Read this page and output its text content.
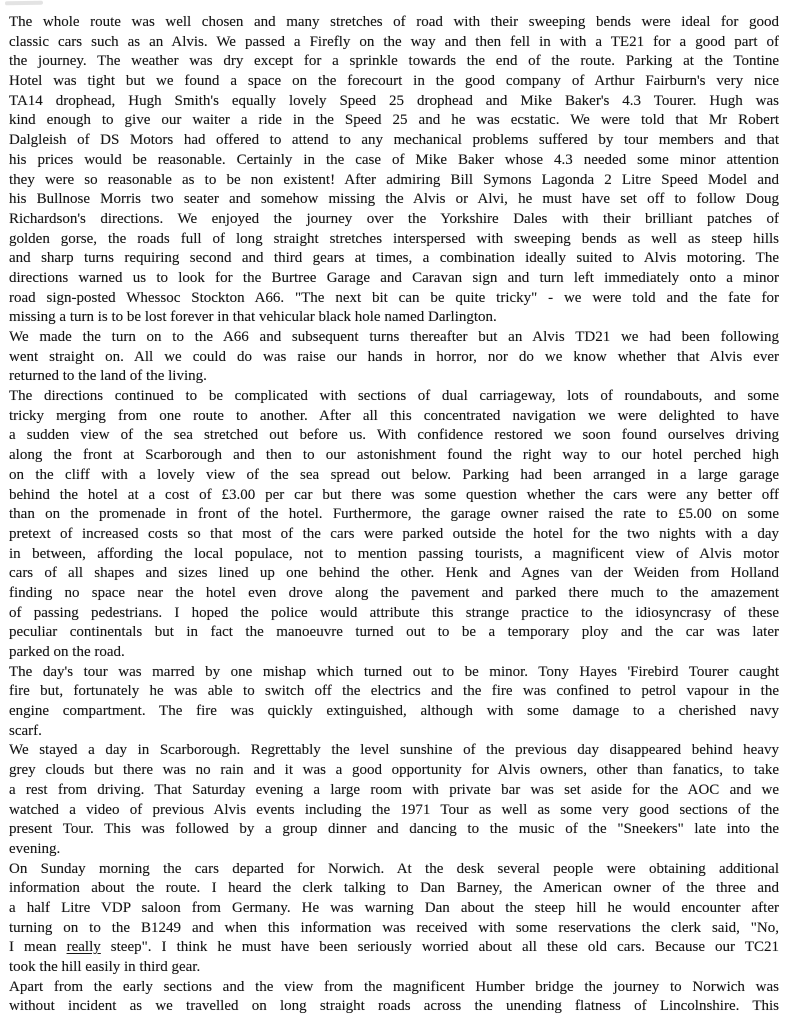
The whole route was well chosen and many stretches of road with their sweeping bends were ideal for good
classic cars such as an Alvis. We passed a Firefly on the way and then fell in with a TE21 for a good part of
the journey. The weather was dry except for a sprinkle towards the end of the route. Parking at the Tontine
Hotel was tight but we found a space on the forecourt in the good company of Arthur Fairburn's very nice
TA14 drophead, Hugh Smith's equally lovely Speed 25 drophead and Mike Baker's 4.3 Tourer. Hugh was
kind enough to give our waiter a ride in the Speed 25 and he was ecstatic. We were told that Mr Robert
Dalgleish of DS Motors had offered to attend to any mechanical problems suffered by tour members and that
his prices would be reasonable. Certainly in the case of Mike Baker whose 4.3 needed some minor attention
they were so reasonable as to be non existent! After admiring Bill Symons Lagonda 2 Litre Speed Model and
his Bullnose Morris two seater and somehow missing the Alvis or Alvi, he must have set off to follow Doug
Richardson's directions. We enjoyed the journey over the Yorkshire Dales with their brilliant patches of
golden gorse, the roads full of long straight stretches interspersed with sweeping bends as well as steep hills
and sharp turns requiring second and third gears at times, a combination ideally suited to Alvis motoring. The
directions warned us to look for the Burtree Garage and Caravan sign and turn left immediately onto a minor
road sign-posted Whessoc Stockton A66. "The next bit can be quite tricky" - we were told and the fate for
missing a turn is to be lost forever in that vehicular black hole named Darlington.
We made the turn on to the A66 and subsequent turns thereafter but an Alvis TD21 we had been following
went straight on. All we could do was raise our hands in horror, nor do we know whether that Alvis ever
returned to the land of the living.
The directions continued to be complicated with sections of dual carriageway, lots of roundabouts, and some
tricky merging from one route to another. After all this concentrated navigation we were delighted to have
a sudden view of the sea stretched out before us. With confidence restored we soon found ourselves driving
along the front at Scarborough and then to our astonishment found the right way to our hotel perched high
on the cliff with a lovely view of the sea spread out below. Parking had been arranged in a large garage
behind the hotel at a cost of £3.00 per car but there was some question whether the cars were any better off
than on the promenade in front of the hotel. Furthermore, the garage owner raised the rate to £5.00 on some
pretext of increased costs so that most of the cars were parked outside the hotel for the two nights with a day
in between, affording the local populace, not to mention passing tourists, a magnificent view of Alvis motor
cars of all shapes and sizes lined up one behind the other. Henk and Agnes van der Weiden from Holland
finding no space near the hotel even drove along the pavement and parked there much to the amazement
of passing pedestrians. I hoped the police would attribute this strange practice to the idiosyncrasy of these
peculiar continentals but in fact the manoeuvre turned out to be a temporary ploy and the car was later
parked on the road.
The day's tour was marred by one mishap which turned out to be minor. Tony Hayes 'Firebird Tourer caught
fire but, fortunately he was able to switch off the electrics and the fire was confined to petrol vapour in the
engine compartment. The fire was quickly extinguished, although with some damage to a cherished navy
scarf.
We stayed a day in Scarborough. Regrettably the level sunshine of the previous day disappeared behind heavy
grey clouds but there was no rain and it was a good opportunity for Alvis owners, other than fanatics, to take
a rest from driving. That Saturday evening a large room with private bar was set aside for the AOC and we
watched a video of previous Alvis events including the 1971 Tour as well as some very good sections of the
present Tour. This was followed by a group dinner and dancing to the music of the "Sneekers" late into the
evening.
On Sunday morning the cars departed for Norwich. At the desk several people were obtaining additional
information about the route. I heard the clerk talking to Dan Barney, the American owner of the three and
a half Litre VDP saloon from Germany. He was warning Dan about the steep hill he would encounter after
turning on to the B1249 and when this information was received with some reservations the clerk said, "No,
I mean really steep". I think he must have been seriously worried about all these old cars. Because our TC21
took the hill easily in third gear.
Apart from the early sections and the view from the magnificent Humber bridge the journey to Norwich was
without incident as we travelled on long straight roads across the unending flatness of Lincolnshire. This
